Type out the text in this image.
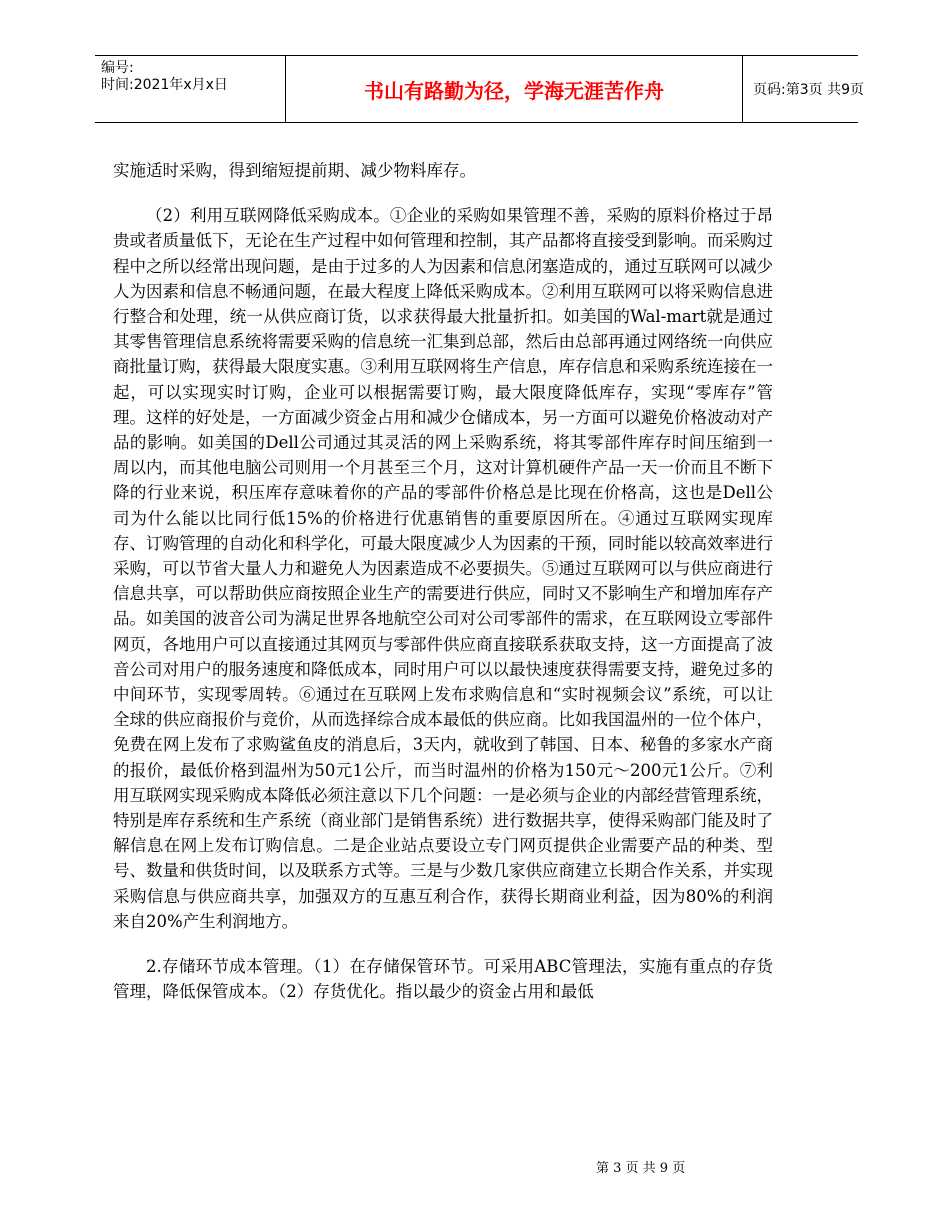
编号:
时间:2021年x月x日	书山有路勤为径，学海无涯苦作舟	页码:第3页 共9页

实施适时采购，得到缩短提前期、减少物料库存。

（2）利用互联网降低采购成本。①企业的采购如果管理不善，采购的原料价格过于昂贵或者质量低下，无论在生产过程中如何管理和控制，其产品都将直接受到影响。而采购过程中之所以经常出现问题，是由于过多的人为因素和信息闭塞造成的，通过互联网可以减少人为因素和信息不畅通问题，在最大程度上降低采购成本。②利用互联网可以将采购信息进行整合和处理，统一从供应商订货，以求获得最大批量折扣。如美国的Wal-mart就是通过其零售管理信息系统将需要采购的信息统一汇集到总部，然后由总部再通过网络统一向供应商批量订购，获得最大限度实惠。③利用互联网将生产信息，库存信息和采购系统连接在一起，可以实现实时订购，企业可以根据需要订购，最大限度降低库存，实现“零库存”管理。这样的好处是，一方面减少资金占用和减少仓储成本，另一方面可以避免价格波动对产品的影响。如美国的Dell公司通过其灵活的网上采购系统，将其零部件库存时间压缩到一周以内，而其他电脑公司则用一个月甚至三个月，这对计算机硬件产品一天一价而且不断下降的行业来说，积压库存意味着你的产品的零部件价格总是比现在价格高，这也是Dell公司为什么能以比同行低15%的价格进行优惠销售的重要原因所在。④通过互联网实现库存、订购管理的自动化和科学化，可最大限度减少人为因素的干预，同时能以较高效率进行采购，可以节省大量人力和避免人为因素造成不必要损失。⑤通过互联网可以与供应商进行信息共享，可以帮助供应商按照企业生产的需要进行供应，同时又不影响生产和增加库存产品。如美国的波音公司为满足世界各地航空公司对公司零部件的需求，在互联网设立零部件网页，各地用户可以直接通过其网页与零部件供应商直接联系获取支持，这一方面提高了波音公司对用户的服务速度和降低成本，同时用户可以以最快速度获得需要支持，避免过多的中间环节，实现零周转。⑥通过在互联网上发布求购信息和“实时视频会议”系统，可以让全球的供应商报价与竞价，从而选择综合成本最低的供应商。比如我国温州的一位个体户，免费在网上发布了求购鲨鱼皮的消息后，3天内，就收到了韩国、日本、秘鲁的多家水产商的报价，最低价格到温州为50元1公斤，而当时温州的价格为150元～200元1公斤。⑦利用互联网实现采购成本降低必须注意以下几个问题：一是必须与企业的内部经营管理系统，特别是库存系统和生产系统（商业部门是销售系统）进行数据共享，使得采购部门能及时了解信息在网上发布订购信息。二是企业站点要设立专门网页提供企业需要产品的种类、型号、数量和供货时间，以及联系方式等。三是与少数几家供应商建立长期合作关系，并实现采购信息与供应商共享，加强双方的互惠互利合作，获得长期商业利益，因为80%的利润来自20%产生利润地方。

2.存储环节成本管理。（1）在存储保管环节。可采用ABC管理法，实施有重点的存货管理，降低保管成本。（2）存货优化。指以最少的资金占用和最低

第 3 页 共 9 页
